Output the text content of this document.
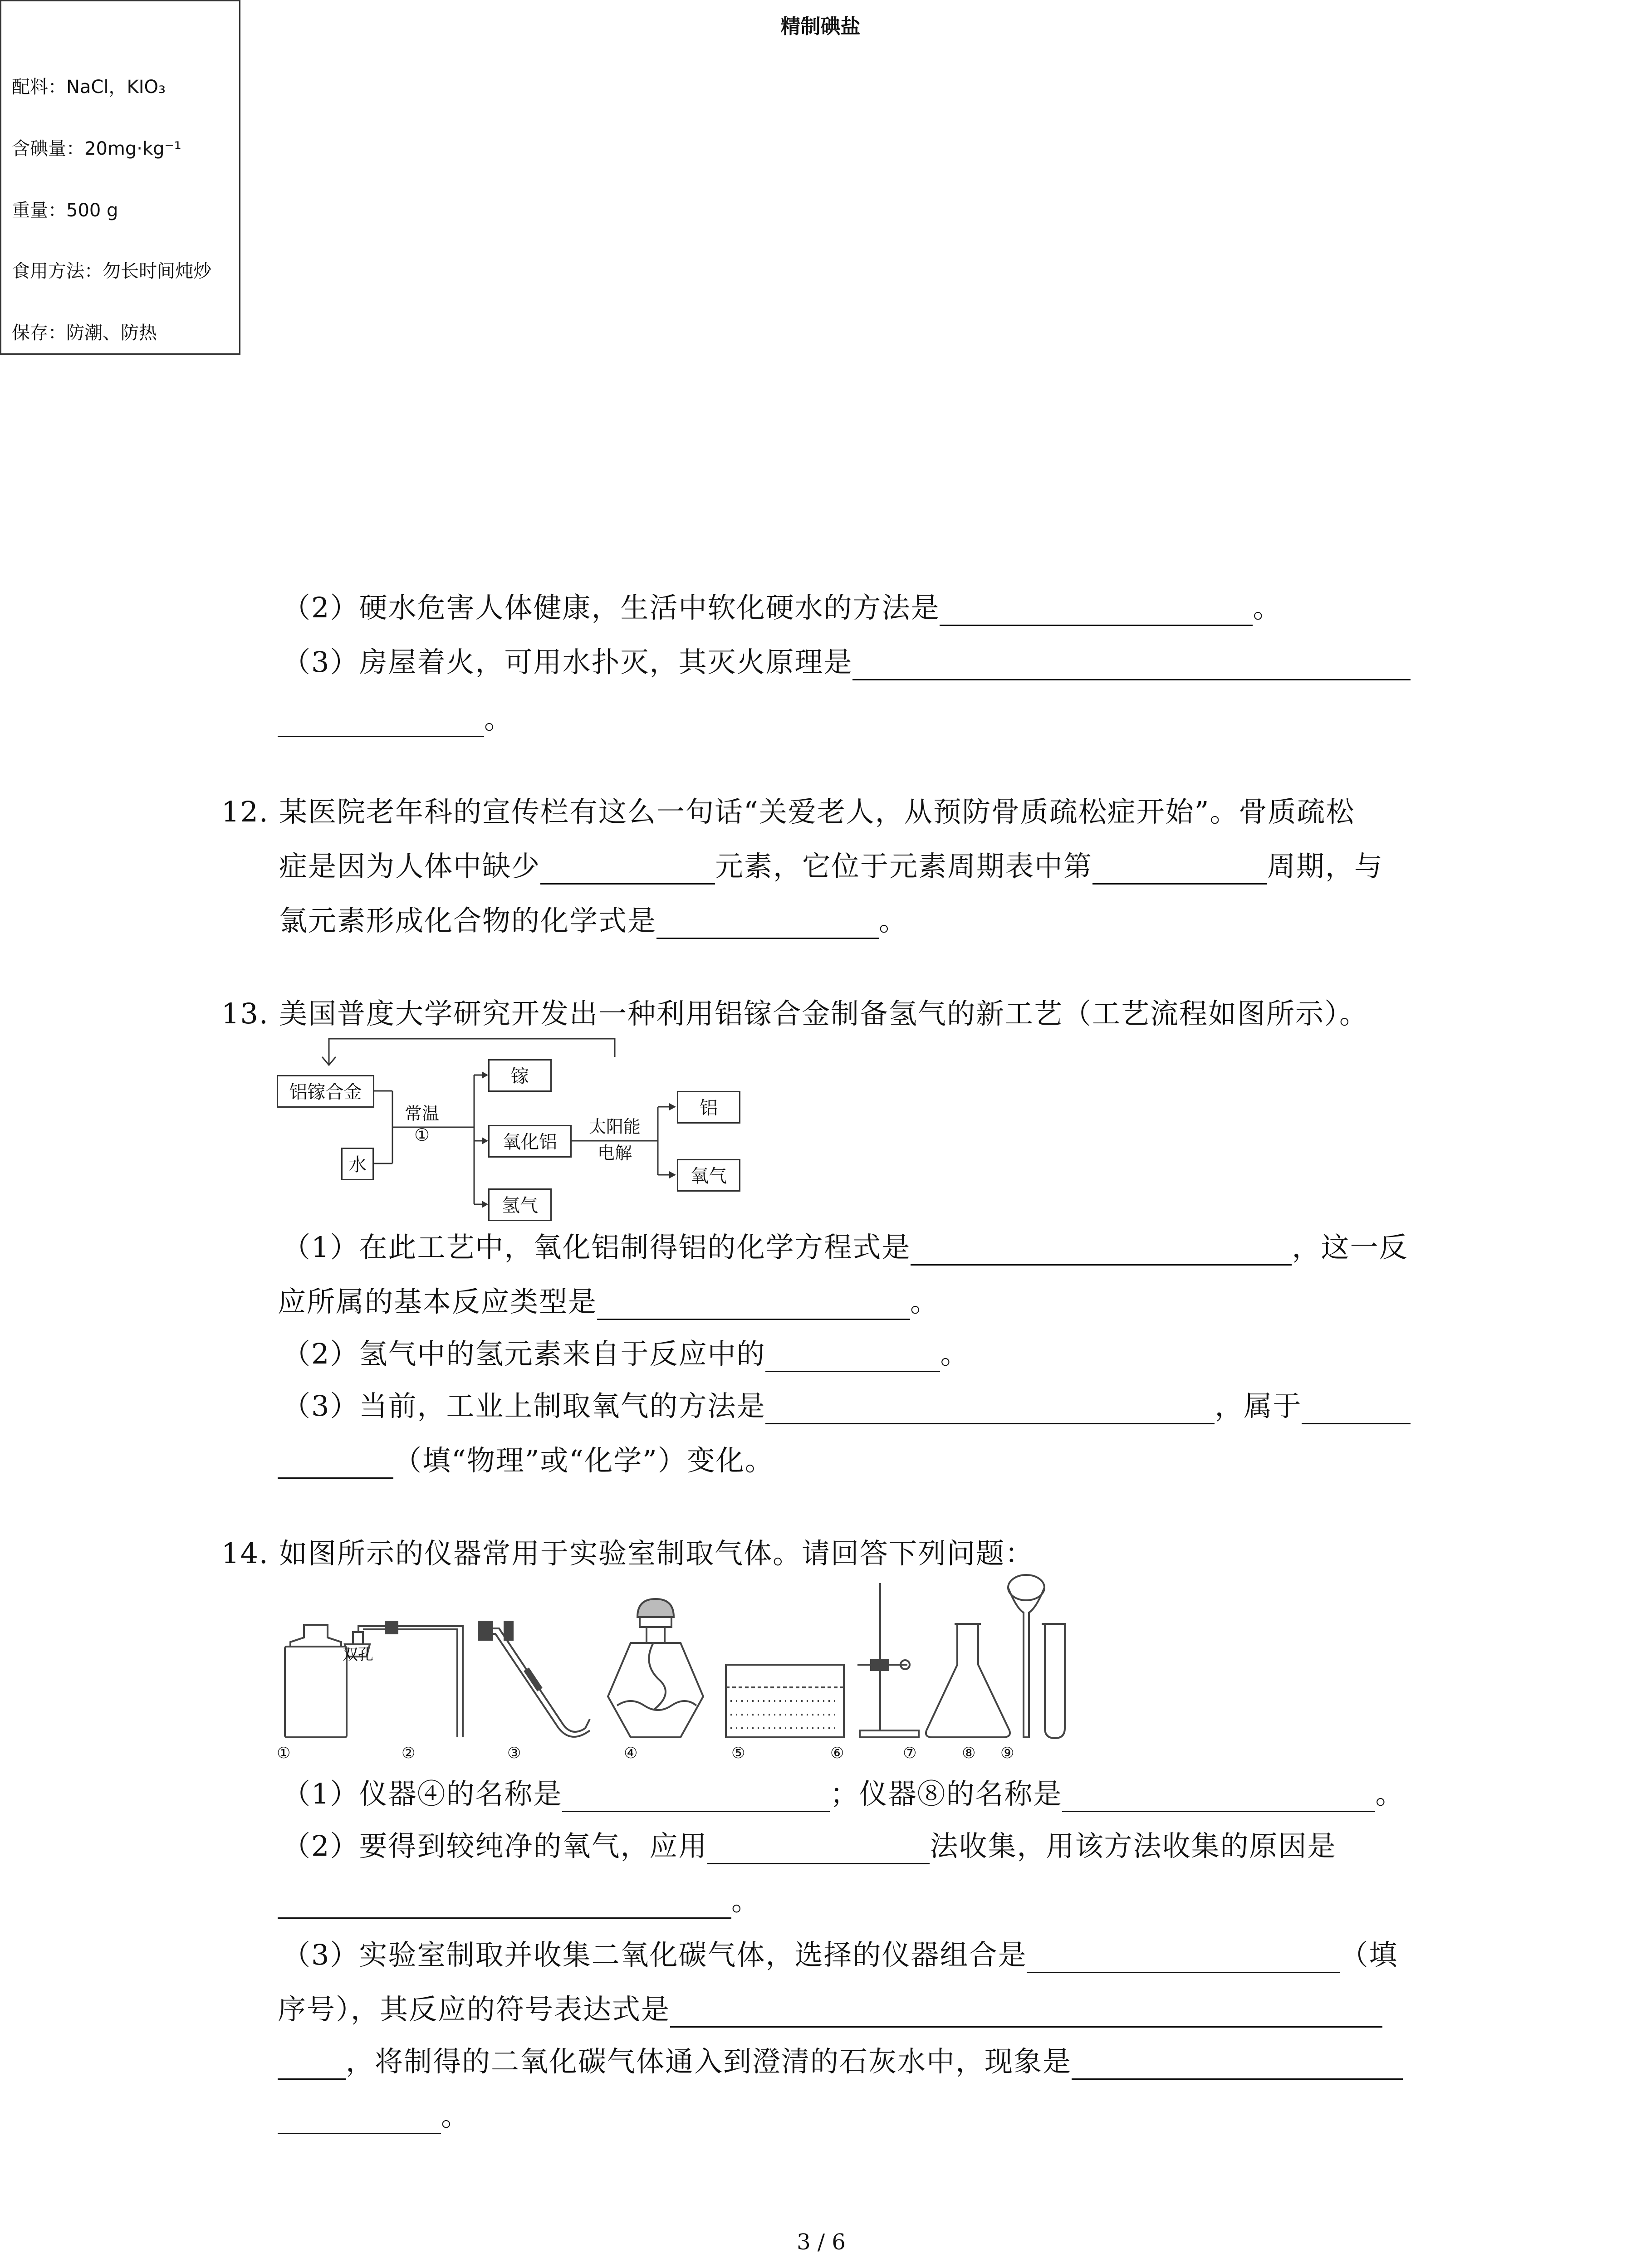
精制碘盐
配料：NaCl，KIO₃
含碘量：20mg·kg⁻¹
重量：500 g
食用方法：勿长时间炖炒
保存：防潮、防热
（2）硬水危害人体健康，生活中软化硬水的方法是	。
（3）房屋着火，可用水扑灭，其灭火原理是
。
12. 某医院老年科的宣传栏有这么一句话“关爱老人，从预防骨质疏松症开始”。骨质疏松
症是因为人体中缺少	元素，它位于元素周期表中第	周期，与
氯元素形成化合物的化学式是	。
13. 美国普度大学研究开发出一种利用铝镓合金制备氢气的新工艺（工艺流程如图所示）。
铝镓合金
水
常温
①
镓
氧化铝
氢气
太阳能
电解
铝
氧气
（1）在此工艺中，氧化铝制得铝的化学方程式是	，这一反
应所属的基本反应类型是	。
（2）氢气中的氢元素来自于反应中的	。
（3）当前，工业上制取氧气的方法是	，属于
（填“物理”或“化学”）变化。
14. 如图所示的仪器常用于实验室制取气体。请回答下列问题：
双孔
①	②	③	④	⑤	⑥	⑦	⑧ ⑨
（1）仪器④的名称是	；仪器⑧的名称是	。
（2）要得到较纯净的氧气，应用	法收集，用该方法收集的原因是
。
（3）实验室制取并收集二氧化碳气体，选择的仪器组合是	（填
序号），其反应的符号表达式是
，将制得的二氧化碳气体通入到澄清的石灰水中，现象是
。
3 / 6
